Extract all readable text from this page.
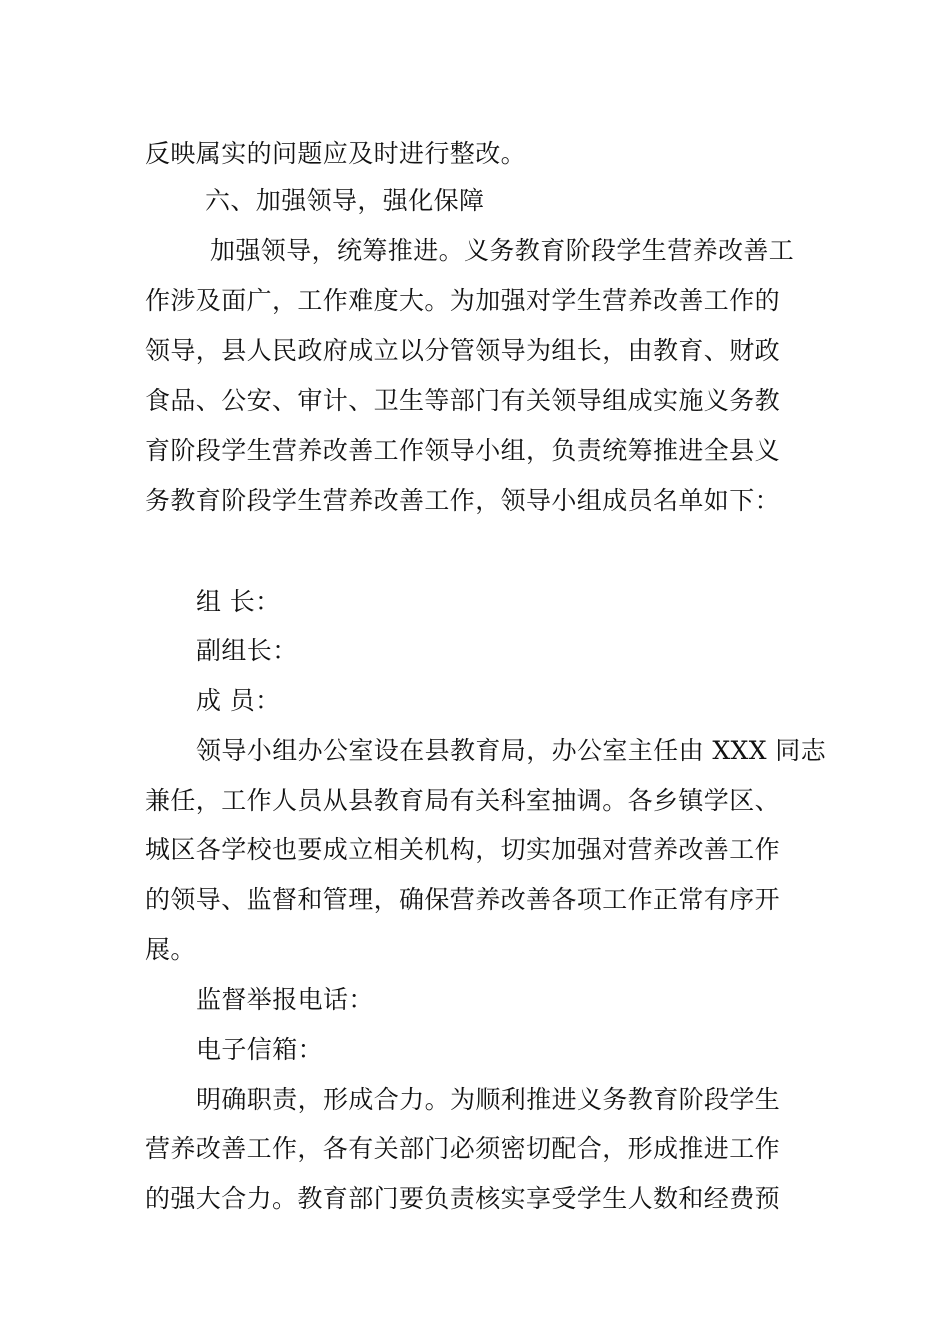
反映属实的问题应及时进行整改。
六、加强领导，强化保障
加强领导，统筹推进。义务教育阶段学生营养改善工
作涉及面广，工作难度大。为加强对学生营养改善工作的
领导，县人民政府成立以分管领导为组长，由教育、财政
食品、公安、审计、卫生等部门有关领导组成实施义务教
育阶段学生营养改善工作领导小组，负责统筹推进全县义
务教育阶段学生营养改善工作，领导小组成员名单如下：
组 长：
副组长：
成 员：
领导小组办公室设在县教育局，办公室主任由 XXX 同志
兼任，工作人员从县教育局有关科室抽调。各乡镇学区、
城区各学校也要成立相关机构，切实加强对营养改善工作
的领导、监督和管理，确保营养改善各项工作正常有序开
展。
监督举报电话：
电子信箱：
明确职责，形成合力。为顺利推进义务教育阶段学生
营养改善工作，各有关部门必须密切配合，形成推进工作
的强大合力。教育部门要负责核实享受学生人数和经费预
